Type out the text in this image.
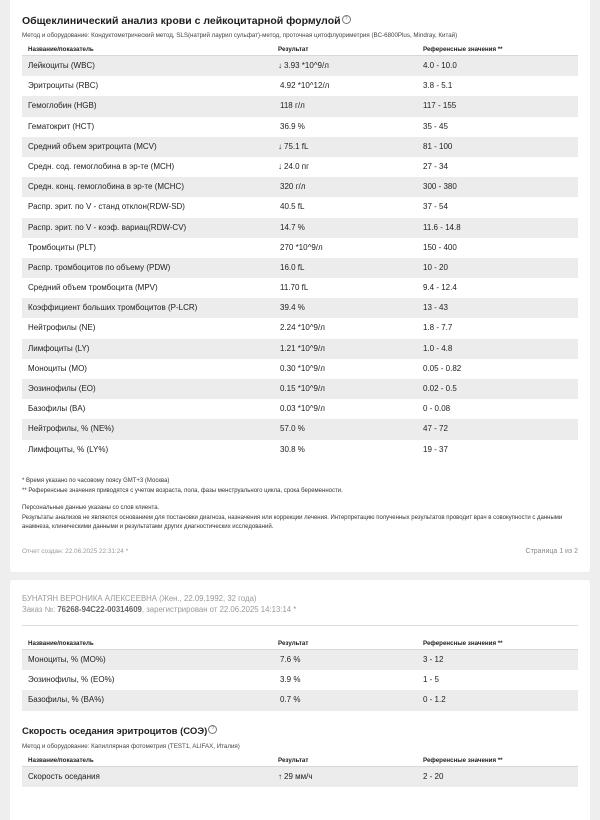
Общеклинический анализ крови с лейкоцитарной формулой ?
Метод и оборудование: Кондуктометрический метод, SLS(натрий лаурил сульфат)-метод, проточная цитофлуориметрия (BC-6800Plus, Mindray, Китай)
Название/показатель	Результат	Референсные значения **
Лейкоциты (WBC)	↓ 3.93 *10^9/л	4.0 - 10.0
Эритроциты (RBC)	4.92 *10^12/л	3.8 - 5.1
Гемоглобин (HGB)	118 г/л	117 - 155
Гематокрит (HCT)	36.9 %	35 - 45
Средний объем эритроцита (MCV)	↓ 75.1 fL	81 - 100
Средн. сод. гемоглобина в эр-те (MCH)	↓ 24.0 пг	27 - 34
Средн. конц. гемоглобина в эр-те (MCHC)	320 г/л	300 - 380
Распр. эрит. по V - станд отклон(RDW-SD)	40.5 fL	37 - 54
Распр. эрит. по V - коэф. вариац(RDW-CV)	14.7 %	11.6 - 14.8
Тромбоциты (PLT)	270 *10^9/л	150 - 400
Распр. тромбоцитов по объему (PDW)	16.0 fL	10 - 20
Средний объем тромбоцита (MPV)	11.70 fL	9.4 - 12.4
Коэффициент больших тромбоцитов (P-LCR)	39.4 %	13 - 43
Нейтрофилы (NE)	2.24 *10^9/л	1.8 - 7.7
Лимфоциты (LY)	1.21 *10^9/л	1.0 - 4.8
Моноциты (MO)	0.30 *10^9/л	0.05 - 0.82
Эозинофилы (EO)	0.15 *10^9/л	0.02 - 0.5
Базофилы (BA)	0.03 *10^9/л	0 - 0.08
Нейтрофилы, % (NE%)	57.0 %	47 - 72
Лимфоциты, % (LY%)	30.8 %	19 - 37

* Время указано по часовому поясу GMT+3 (Москва)

** Референсные значения приводятся с учетом возраста, пола, фазы менструального цикла, срока беременности.

Персональные данные указаны со слов клиента.

Результаты анализов не являются основанием для постановки диагноза, назначения или коррекции лечения. Интерпретацию полученных результатов проводит врач в совокупности с данными анамнеза, клиническими данными и результатами других диагностических исследований.

Отчет создан: 22.06.2025 22:31:24 *	Страница 1 из 2
БУНАТЯН ВЕРОНИКА АЛЕКСЕЕВНА (Жен., 22.09.1992, 32 года)
Заказ №: 76268-94C22-00314609, зарегистрирован от 22.06.2025 14:13:14 *
Название/показатель	Результат	Референсные значения **
Моноциты, % (MO%)	7.6 %	3 - 12
Эозинофилы, % (EO%)	3.9 %	1 - 5
Базофилы, % (BA%)	0.7 %	0 - 1.2
Скорость оседания эритроцитов (СОЭ) ?
Метод и оборудование: Капиллярная фотометрия (TEST1, ALIFAX, Италия)
Название/показатель	Результат	Референсные значения **
Скорость оседания	↑ 29 мм/ч	2 - 20
